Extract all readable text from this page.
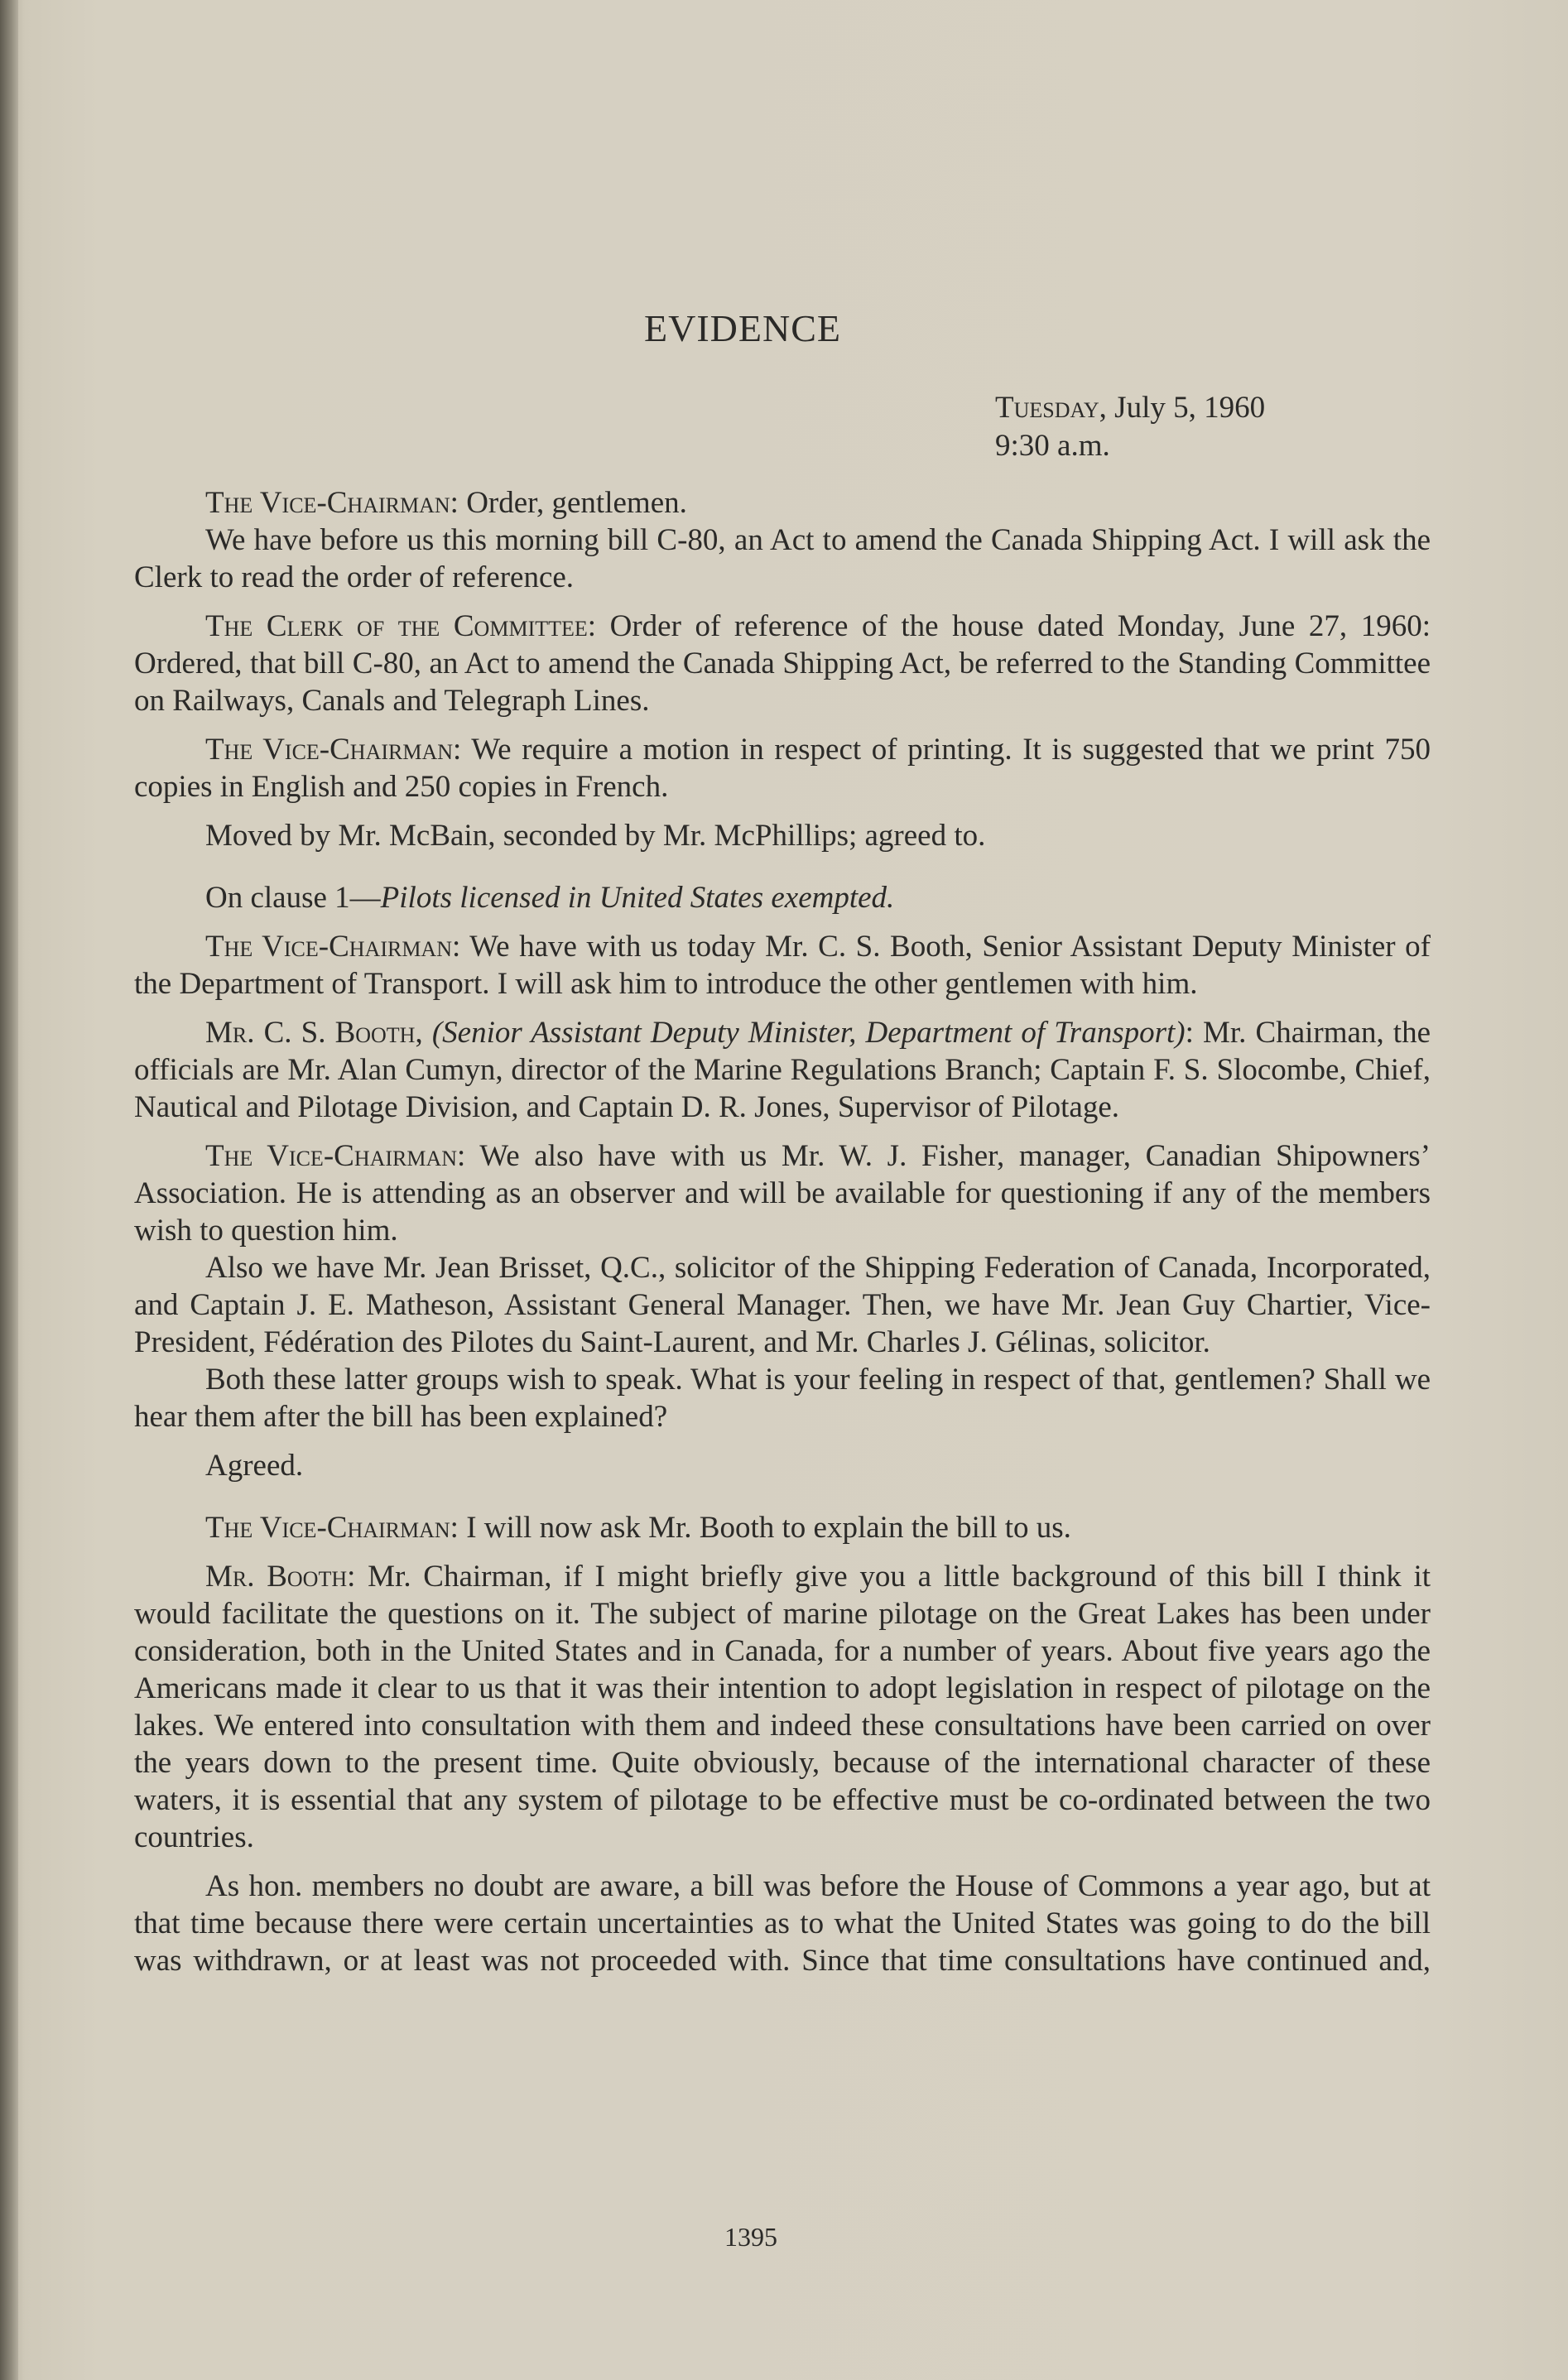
EVIDENCE
Tuesday, July 5, 1960
9:30 a.m.

The Vice-Chairman: Order, gentlemen.

We have before us this morning bill C-80, an Act to amend the Canada Shipping Act. I will ask the Clerk to read the order of reference.

The Clerk of the Committee: Order of reference of the house dated Monday, June 27, 1960: Ordered, that bill C-80, an Act to amend the Canada Shipping Act, be referred to the Standing Committee on Railways, Canals and Telegraph Lines.

The Vice-Chairman: We require a motion in respect of printing. It is suggested that we print 750 copies in English and 250 copies in French.

Moved by Mr. McBain, seconded by Mr. McPhillips; agreed to.

On clause 1—Pilots licensed in United States exempted.

The Vice-Chairman: We have with us today Mr. C. S. Booth, Senior Assistant Deputy Minister of the Department of Transport. I will ask him to introduce the other gentlemen with him.

Mr. C. S. Booth, (Senior Assistant Deputy Minister, Department of Transport): Mr. Chairman, the officials are Mr. Alan Cumyn, director of the Marine Regulations Branch; Captain F. S. Slocombe, Chief, Nautical and Pilotage Division, and Captain D. R. Jones, Supervisor of Pilotage.

The Vice-Chairman: We also have with us Mr. W. J. Fisher, manager, Canadian Shipowners’ Association. He is attending as an observer and will be available for questioning if any of the members wish to question him.

Also we have Mr. Jean Brisset, Q.C., solicitor of the Shipping Federation of Canada, Incorporated, and Captain J. E. Matheson, Assistant General Manager. Then, we have Mr. Jean Guy Chartier, Vice-President, Fédération des Pilotes du Saint-Laurent, and Mr. Charles J. Gélinas, solicitor.

Both these latter groups wish to speak. What is your feeling in respect of that, gentlemen? Shall we hear them after the bill has been explained?

Agreed.

The Vice-Chairman: I will now ask Mr. Booth to explain the bill to us.

Mr. Booth: Mr. Chairman, if I might briefly give you a little background of this bill I think it would facilitate the questions on it. The subject of marine pilotage on the Great Lakes has been under consideration, both in the United States and in Canada, for a number of years. About five years ago the Americans made it clear to us that it was their intention to adopt legislation in respect of pilotage on the lakes. We entered into consultation with them and indeed these consultations have been carried on over the years down to the present time. Quite obviously, because of the international character of these waters, it is essential that any system of pilotage to be effective must be co-ordinated between the two countries.

As hon. members no doubt are aware, a bill was before the House of Commons a year ago, but at that time because there were certain uncertainties as to what the United States was going to do the bill was withdrawn, or at least was not proceeded with. Since that time consultations have continued and,

1395
